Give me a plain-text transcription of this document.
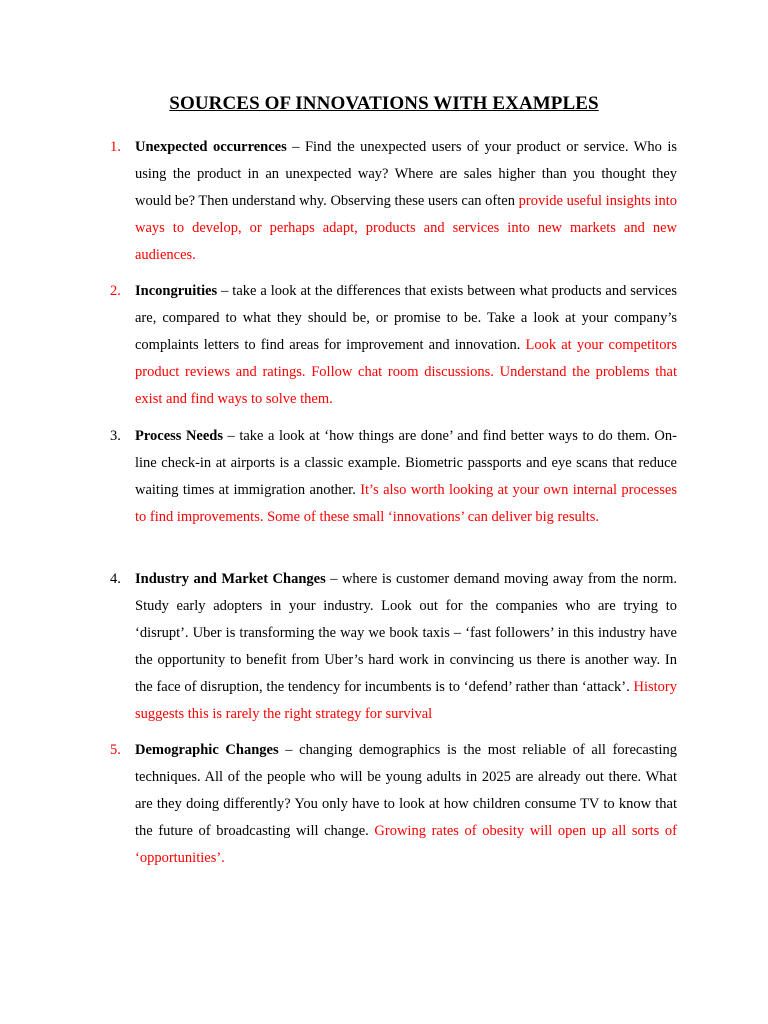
SOURCES OF INNOVATIONS WITH EXAMPLES
1. Unexpected occurrences – Find the unexpected users of your product or service. Who is using the product in an unexpected way? Where are sales higher than you thought they would be? Then understand why. Observing these users can often provide useful insights into ways to develop, or perhaps adapt, products and services into new markets and new audiences.

2. Incongruities – take a look at the differences that exists between what products and services are, compared to what they should be, or promise to be. Take a look at your company’s complaints letters to find areas for improvement and innovation. Look at your competitors product reviews and ratings. Follow chat room discussions. Understand the problems that exist and find ways to solve them.

3. Process Needs – take a look at ‘how things are done’ and find better ways to do them. On-line check-in at airports is a classic example. Biometric passports and eye scans that reduce waiting times at immigration another. It’s also worth looking at your own internal processes to find improvements. Some of these small ‘innovations’ can deliver big results.

4. Industry and Market Changes – where is customer demand moving away from the norm. Study early adopters in your industry. Look out for the companies who are trying to ‘disrupt’. Uber is transforming the way we book taxis – ‘fast followers’ in this industry have the opportunity to benefit from Uber’s hard work in convincing us there is another way. In the face of disruption, the tendency for incumbents is to ‘defend’ rather than ‘attack’. History suggests this is rarely the right strategy for survival

5. Demographic Changes – changing demographics is the most reliable of all forecasting techniques. All of the people who will be young adults in 2025 are already out there. What are they doing differently? You only have to look at how children consume TV to know that the future of broadcasting will change. Growing rates of obesity will open up all sorts of ‘opportunities’.
